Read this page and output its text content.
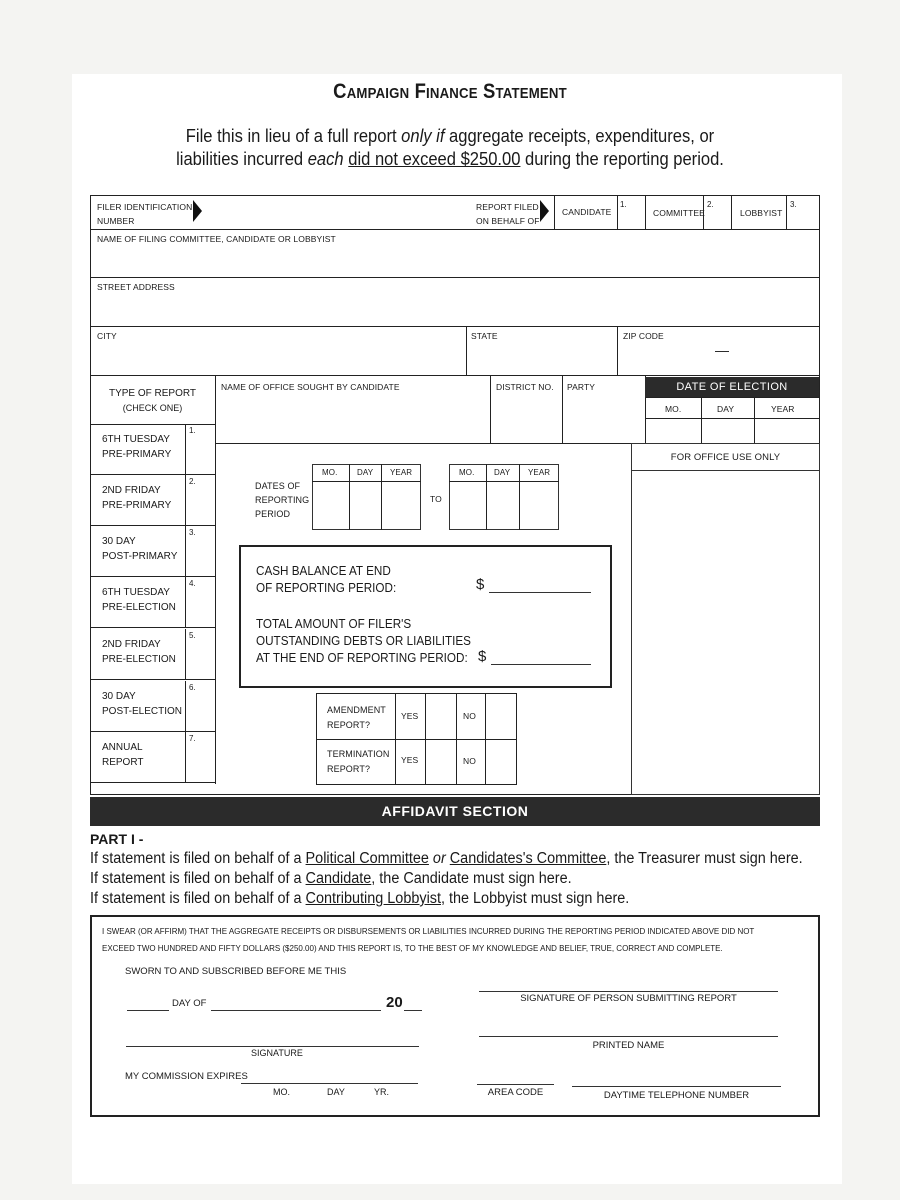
Campaign Finance Statement
File this in lieu of a full report only if aggregate receipts, expenditures, or
liabilities incurred each did not exceed $250.00 during the reporting period.
FILER IDENTIFICATION
NUMBER
REPORT FILED
ON BEHALF OF
CANDIDATE
1.
COMMITTEE
2.
LOBBYIST
3.
NAME OF FILING COMMITTEE, CANDIDATE OR LOBBYIST
STREET ADDRESS
CITY	STATE	ZIP CODE
—
TYPE OF REPORT
(CHECK ONE)
NAME OF OFFICE SOUGHT BY CANDIDATE	DISTRICT NO. PARTY	DATE OF ELECTION
MO.	DAY	YEAR
FOR OFFICE USE ONLY
6TH TUESDAY
PRE-PRIMARY
1.
2ND FRIDAY
PRE-PRIMARY
2.
30 DAY
POST-PRIMARY
3.
6TH TUESDAY
PRE-ELECTION
4.
2ND FRIDAY
PRE-ELECTION
5.
30 DAY
POST-ELECTION
6.
ANNUAL
REPORT
7.
DATES OF
REPORTING
PERIOD
MO. DAY YEAR
TO
MO. DAY YEAR
CASH BALANCE AT END
OF REPORTING PERIOD:	$
TOTAL AMOUNT OF FILER'S
OUTSTANDING DEBTS OR LIABILITIES
AT THE END OF REPORTING PERIOD: $
AMENDMENT
REPORT?
YES	NO
TERMINATION
REPORT?
YES	NO
AFFIDAVIT SECTION
PART I -
If statement is filed on behalf of a Political Committee or Candidates's Committee, the Treasurer must sign here.
If statement is filed on behalf of a Candidate, the Candidate must sign here.
If statement is filed on behalf of a Contributing Lobbyist, the Lobbyist must sign here.
I SWEAR (OR AFFIRM) THAT THE AGGREGATE RECEIPTS OR DISBURSEMENTS OR LIABILITIES INCURRED DURING THE REPORTING PERIOD INDICATED ABOVE DID NOT
EXCEED TWO HUNDRED AND FIFTY DOLLARS ($250.00) AND THIS REPORT IS, TO THE BEST OF MY KNOWLEDGE AND BELIEF, TRUE, CORRECT AND COMPLETE.
SWORN TO AND SUBSCRIBED BEFORE ME THIS
DAY OF	20
SIGNATURE
MY COMMISSION EXPIRES
MO.	DAY	YR.
SIGNATURE OF PERSON SUBMITTING REPORT
PRINTED NAME
AREA CODE	DAYTIME TELEPHONE NUMBER
